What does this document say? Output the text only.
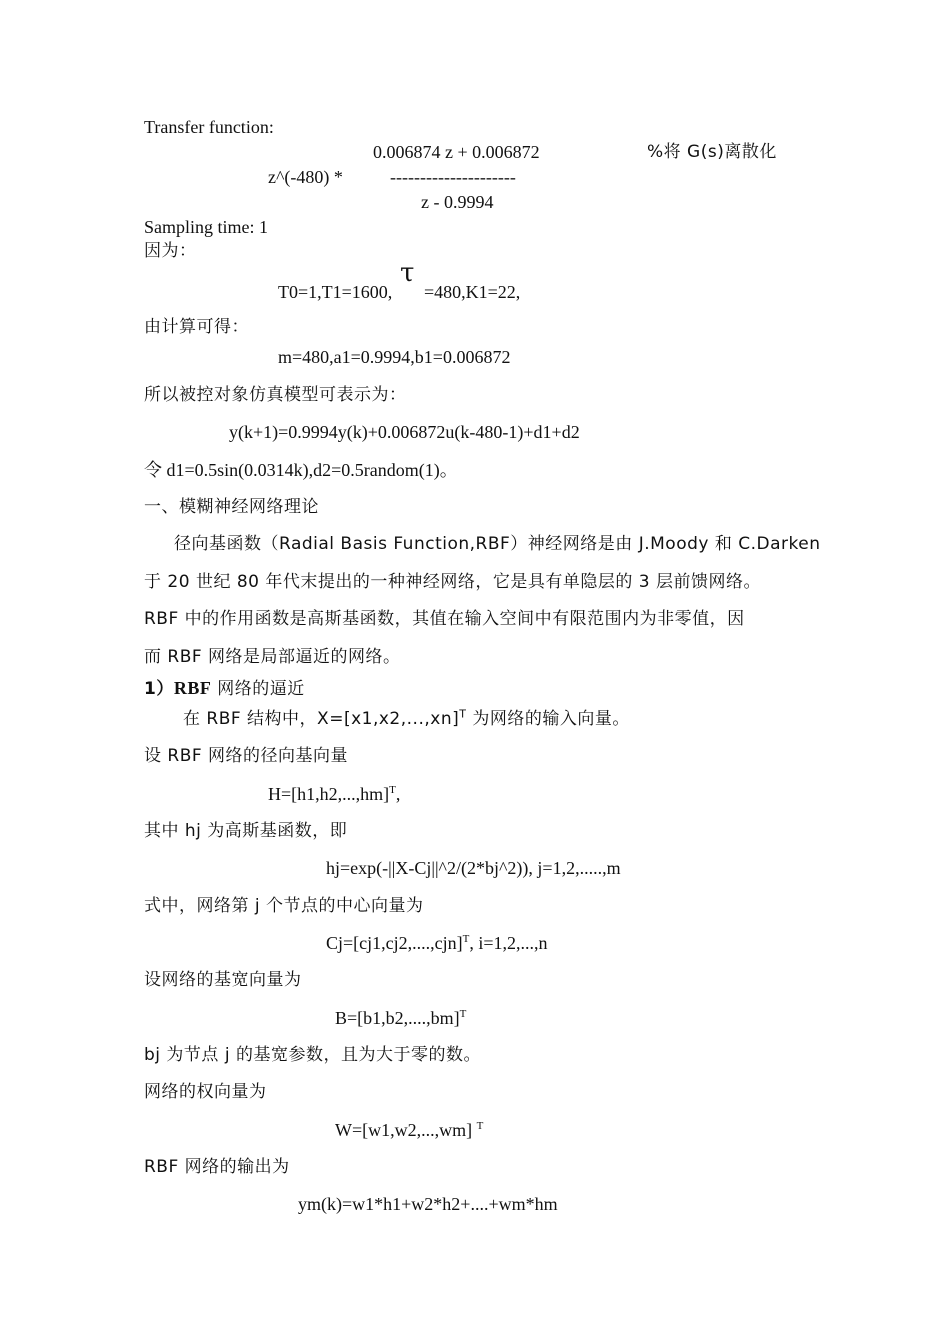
Transfer function:
0.006874 z + 0.006872	%将 G(s)离散化
z^(-480) *	---------------------
z - 0.9994
Sampling time: 1
因为：
T0=1,T1=1600,
τ
=480,K1=22,
由计算可得：
m=480,a1=0.9994,b1=0.006872
所以被控对象仿真模型可表示为：
y(k+1)=0.9994y(k)+0.006872u(k-480-1)+d1+d2
令 d1=0.5sin(0.0314k),d2=0.5random(1)。
一、模糊神经网络理论
径向基函数（Radial Basis Function,RBF）神经网络是由 J.Moody 和 C.Darken
于 20 世纪 80 年代末提出的一种神经网络，它是具有单隐层的 3 层前馈网络。
RBF 中的作用函数是高斯基函数，其值在输入空间中有限范围内为非零值，因
而 RBF 网络是局部逼近的网络。
1）RBF 网络的逼近
在 RBF 结构中，$X=[x1,x2,...,xn]^T$ 为网络的输入向量。
设 RBF 网络的径向基向量
$H=[h1,h2,...,hm]^T$,
其中 hj 为高斯基函数，即
hj=exp(-||X-Cj||^2/(2*bj^2)), j=1,2,.....,m
式中，网络第 j 个节点的中心向量为
$Cj=[cj1,cj2,....,cjn]^T$, i=1,2,...,n
设网络的基宽向量为
$B=[b1,b2,....,bm]^T$
bj 为节点 j 的基宽参数，且为大于零的数。
网络的权向量为
W=[w1,w2,...,wm] $^T$
RBF 网络的输出为
ym(k)=w1*h1+w2*h2+....+wm*hm
